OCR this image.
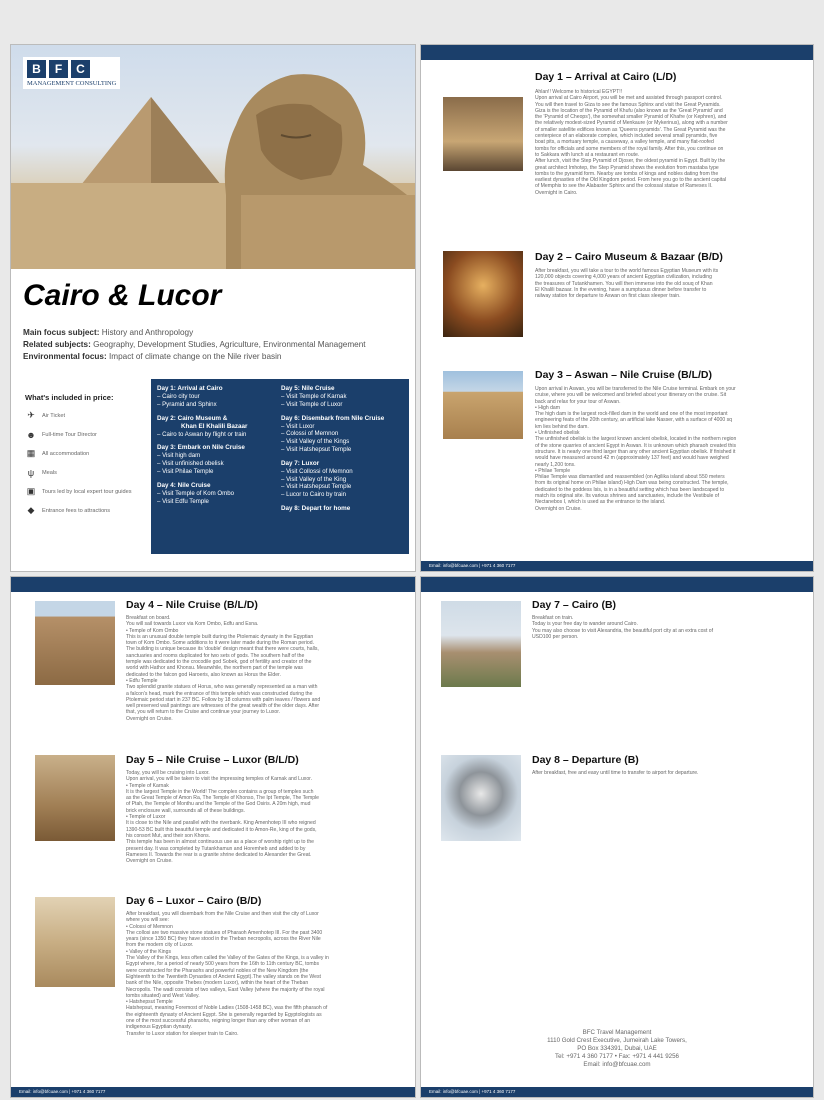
B	F	C
MANAGEMENT CONSULTING
Cairo & Lucor
Main focus subject: History and Anthropology
Related subjects: Geography, Development Studies, Agriculture, Environmental Management
Environmental focus: Impact of climate change on the Nile river basin
What's included in price:
✈	Air Ticket
☻ Full-time Tour Director
▦	All accommodation
ψ	Meals
▣	Tours led by local expert tour guides
◆	Entrance fees to attractions
Day 1: Arrival at Cairo
– Cairo city tour
– Pyramid and Sphinx
Day 2: Cairo Museum &
Khan El Khalili Bazaar
– Cairo to Aswan by flight or train
Day 3: Embark on Nile Cruise
– Visit high dam
– Visit unfinished obelisk
– Visit Philae Temple
Day 4: Nile Cruise
– Visit Temple of Kom Ombo
– Visit Edfu Temple
Day 5: Nile Cruise
– Visit Temple of Karnak
– Visit Temple of Luxor
Day 6: Disembark from Nile Cruise
– Visit Luxor
– Colossi of Memnon
– Visit Valley of the Kings
– Visit Hatshepsut Temple
Day 7: Luxor
– Visit Collossi of Memnon
– Visit Valley of the King
– Visit Hatshepsut Temple
– Lucor to Cairo by train
Day 8: Depart for home
Day 1 – Arrival at Cairo (L/D)
Ahlan!! Welcome to historical EGYPT!!
Upon arrival at Cairo Airport, you will be met and assisted through passport control.
You will then travel to Giza to see the famous Sphinx and visit the Great Pyramids.
Giza is the location of the Pyramid of Khufu (also known as the 'Great Pyramid' and
the 'Pyramid of Cheops'), the somewhat smaller Pyramid of Khafre (or Kephren), and
the relatively modest-sized Pyramid of Menkaure (or Mykerinus), along with a number
of smaller satellite edifices known as 'Queens pyramids'. The Great Pyramid was the
centerpiece of an elaborate complex, which included several small pyramids, five
boat pits, a mortuary temple, a causeway, a valley temple, and many flat-roofed
tombs for officials and some members of the royal family. After this, you continue on
to Sakkara with lunch at a restaurant en route.
After lunch, visit the Step Pyramid of Djoser, the oldest pyramid in Egypt. Built by the
great architect Imhotep, the Step Pyramid shows the evolution from mastaba type
tombs to the pyramid form. Nearby are tombs of kings and nobles dating from the
earliest dynasties of the Old Kingdom period. From here you go to the ancient capital
of Memphis to see the Alabaster Sphinx and the colossal statue of Rameses II.
Overnight in Cairo.
Day 2 – Cairo Museum & Bazaar (B/D)
After breakfast, you will take a tour to the world famous Egyptian Museum with its
120,000 objects covering 4,000 years of ancient Egyptian civilization, including
the treasures of Tutankhamen. You will then immerse into the old souq of Khan
El Khalili bazaar. In the evening, have a sumptuous dinner before transfer to
railway station for departure to Aswan on first class sleeper train.
Day 3 – Aswan – Nile Cruise (B/L/D)
Upon arrival in Aswan, you will be transferred to the Nile Cruise terminal. Embark on your
cruise, where you will be welcomed and briefed about your itinerary on the cruise. Sit
back and relax for your tour of Aswan.
• High dam
The high dam is the largest rock-filled dam in the world and one of the most important
engineering feats of the 20th century, an artificial lake Nasser, with a surface of 4000 sq
km lies behind the dam.
• Unfinished obelisk
The unfinished obelisk is the largest known ancient obelisk, located in the northern region
of the stone quarries of ancient Egypt in Aswan. It is unknown which pharaoh created this
structure. It is nearly one third larger than any other ancient Egyptian obelisk. If finished it
would have measured around 42 m (approximately 137 feet) and would have weighed
nearly 1,200 tons.
• Philae Temple
Philae Temple was dismantled and reassembled (on Agilika island about 550 meters
from its original home on Philae island) High Dam was being constructed. The temple,
dedicated to the goddess Isis, is in a beautiful setting which has been landscaped to
match its original site. Its various shrines and sanctuaries, include the Vestibule of
Nectanebos I, which is used as the entrance to the island.
Overnight on Cruise.
Email: info@bfcuae.com | +971 4 360 7177
Day 4 – Nile Cruise (B/L/D)
Breakfast on board.
You will sail towards Luxor via Kom Ombo, Edfu and Esna.
• Temple of Kom Ombo
This is an unusual double temple built during the Ptolemaic dynasty in the Egyptian
town of Kom Ombo. Some additions to it were later made during the Roman period.
The building is unique because its 'double' design meant that there were courts, halls,
sanctuaries and rooms duplicated for two sets of gods. The southern half of the
temple was dedicated to the crocodile god Sobek, god of fertility and creator of the
world with Hathor and Khonsu. Meanwhile, the northern part of the temple was
dedicated to the falcon god Haroeris, also known as Horus the Elder.
• Edfu Temple
Two splendid granite statues of Horus, who was generally represented as a man with
a falcon's head, mark the entrance of this temple which was constructed during the
Ptolemaic period start in 237 BC. Follow by 18 columns with palm leaves / flowers and
well preserved wall paintings are witnesses of the great wealth of the older days. After
that, you will return to the Cruise and continue your journey to Luxor.
Overnight on Cruise.
Day 5 – Nile Cruise – Luxor (B/L/D)
Today, you will be cruising into Luxor.
Upon arrival, you will be taken to visit the impressing temples of Karnak and Luxor.
• Temple of Karnak
It is the largest Temple in the World! The complex contains a group of temples such
as the Great Temple of Amon Ra, The Temple of Khonso, The Ipt Temple, The Temple
of Ptah, the Temple of Monthu and the Temple of the God Osiris. A 20m high, mud
brick enclosure wall, surrounds all of these buildings.
• Temple of Luxor
It is close to the Nile and parallel with the riverbank. King Amenhotep III who reigned
1390-53 BC built this beautiful temple and dedicated it to Amon-Re, king of the gods,
his consort Mut, and their son Khons.
This temple has been in almost continuous use as a place of worship right up to the
present day. It was completed by Tutankhamun and Horemheb and added to by
Rameses II. Towards the rear is a granite shrine dedicated to Alexander the Great.
Overnight on Cruise.
Day 6 – Luxor – Cairo (B/D)
After breakfast, you will disembark from the Nile Cruise and then visit the city of Luxor
where you will see:
• Colossi of Memnon
The collosi are two massive stone statues of Pharaoh Amenhotep III. For the past 3400
years (since 1350 BC) they have stood in the Theban necropolis, across the River Nile
from the modern city of Luxor.
• Valley of the Kings
The Valley of the Kings, less often called the Valley of the Gates of the Kings, is a valley in
Egypt where, for a period of nearly 500 years from the 16th to 11th century BC, tombs
were constructed for the Pharaohs and powerful nobles of the New Kingdom (the
Eighteenth to the Twentieth Dynasties of Ancient Egypt).The valley stands on the West
bank of the Nile, opposite Thebes (modern Luxor), within the heart of the Theban
Necropolis. The wadi consists of two valleys, East Valley (where the majority of the royal
tombs situated) and West Valley.
• Hatshepsut Temple
Hatshepsut, meaning Foremost of Noble Ladies (1508-1458 BC), was the fifth pharaoh of
the eighteenth dynasty of Ancient Egypt. She is generally regarded by Egyptologists as
one of the most successful pharaohs, reigning longer than any other woman of an
indigenous Egyptian dynasty.
Transfer to Luxor station for sleeper train to Cairo.
Email: info@bfcuae.com | +971 4 360 7177
Day 7 – Cairo (B)
Breakfast on train.
Today is your free day to wander around Cairo.
You may also choose to visit Alexandria, the beautiful port city at an extra cost of
USD100 per person.
Day 8 – Departure (B)
After breakfast, free and easy until time to transfer to airport for departure.
BFC Travel Management
1110 Gold Crest Executive, Jumeirah Lake Towers,
PO Box 334391, Dubai, UAE
Tel: +971 4 360 7177 • Fax: +971 4 441 9256
Email: info@bfcuae.com
Email: info@bfcuae.com | +971 4 360 7177
